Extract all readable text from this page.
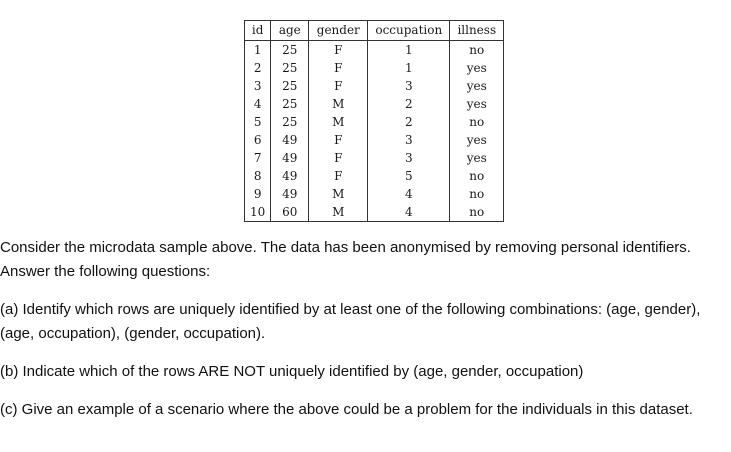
id	age	gender	occupation	illness
1	25	F	1	no
2	25	F	1	yes
3	25	F	3	yes
4	25	M	2	yes
5	25	M	2	no
6	49	F	3	yes
7	49	F	3	yes
8	49	F	5	no
9	49	M	4	no
10	60	M	4	no

Consider the microdata sample above. The data has been anonymised by removing personal identifiers. Answer the following questions:

(a) Identify which rows are uniquely identified by at least one of the following combinations: (age, gender), (age, occupation), (gender, occupation).

(b) Indicate which of the rows ARE NOT uniquely identified by (age, gender, occupation)

(c) Give an example of a scenario where the above could be a problem for the individuals in this dataset.
